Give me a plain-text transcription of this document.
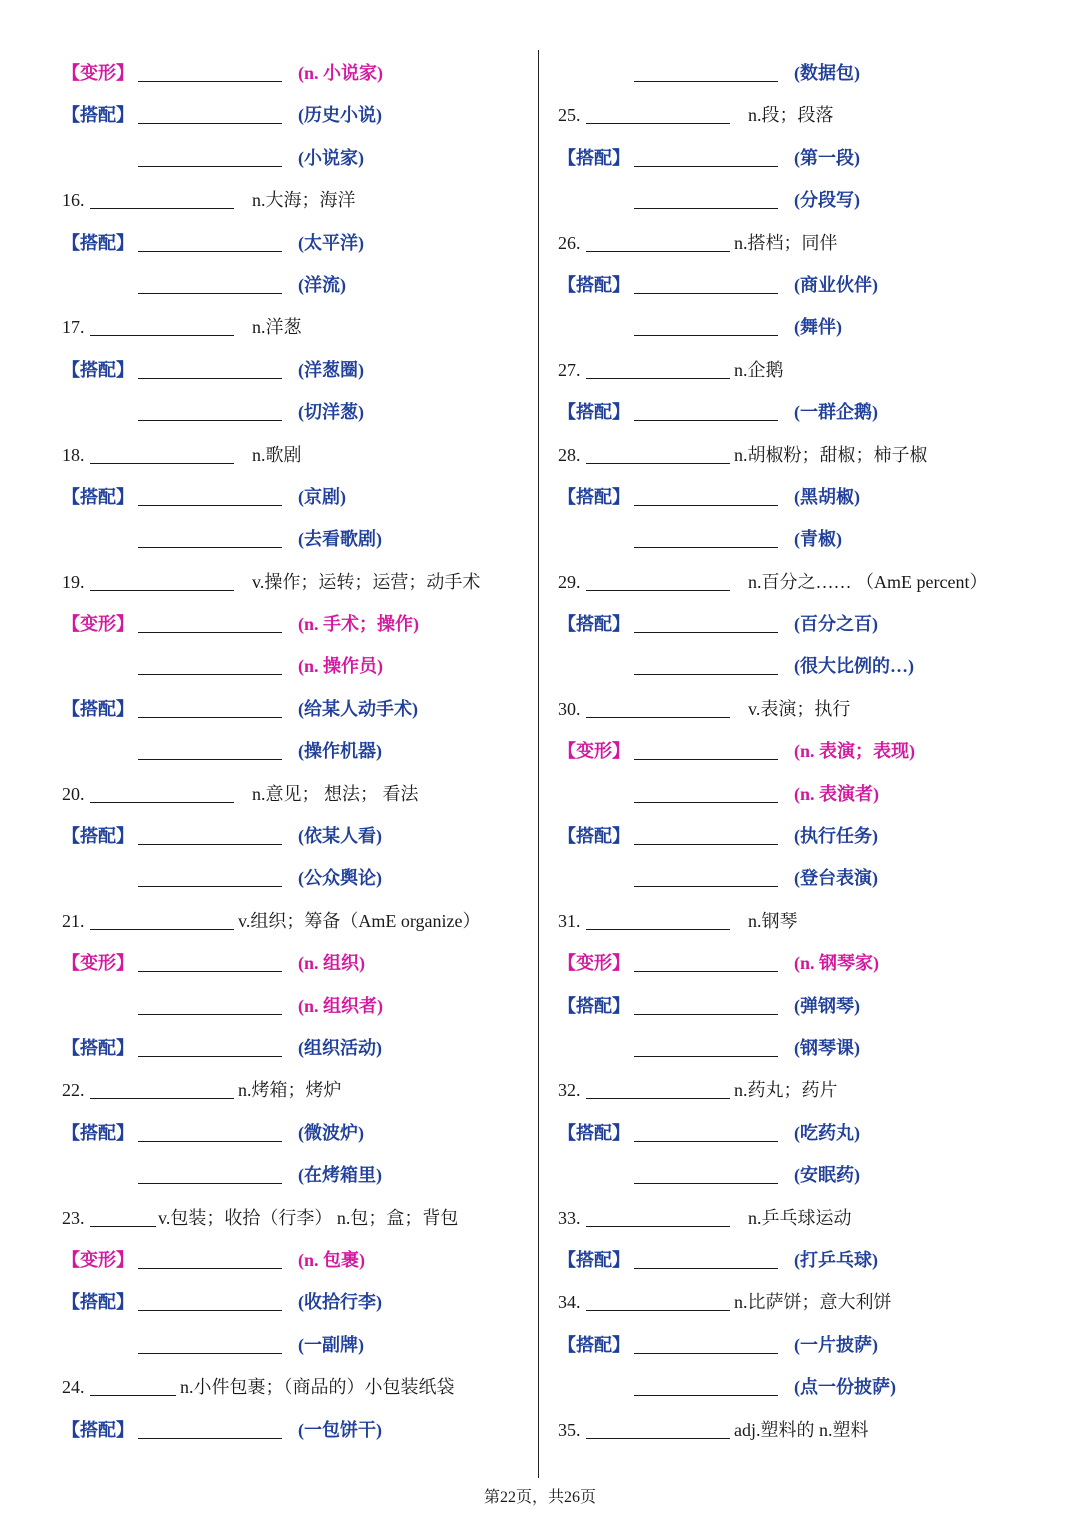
【变形】	(n. 小说家)
【搭配】	(历史小说)
(小说家)
16.	n.大海；海洋
【搭配】	(太平洋)
(洋流)
17.	n.洋葱
【搭配】	(洋葱圈)
(切洋葱)
18.	n.歌剧
【搭配】	(京剧)
(去看歌剧)
19.	v.操作；运转；运营；动手术
【变形】	(n. 手术；操作)
(n. 操作员)
【搭配】	(给某人动手术)
(操作机器)
20.	n.意见； 想法； 看法
【搭配】	(依某人看)
(公众舆论)
21.	v.组织；筹备（AmE organize）
【变形】	(n. 组织)
(n. 组织者)
【搭配】	(组织活动)
22.	n.烤箱；烤炉
【搭配】	(微波炉)
(在烤箱里)
23.	v.包装；收拾（行李） n.包；盒；背包
【变形】	(n. 包裹)
【搭配】	(收拾行李)
(一副牌)
24.	n.小件包裹；（商品的）小包装纸袋
【搭配】	(一包饼干)
(数据包)
25.	n.段；段落
【搭配】	(第一段)
(分段写)
26.	n.搭档；同伴
【搭配】	(商业伙伴)
(舞伴)
27.	n.企鹅
【搭配】	(一群企鹅)
28.	n.胡椒粉；甜椒；柿子椒
【搭配】	(黑胡椒)
(青椒)
29.	n.百分之…… （AmE percent）
【搭配】	(百分之百)
(很大比例的…)
30.	v.表演；执行
【变形】	(n. 表演；表现)
(n. 表演者)
【搭配】	(执行任务)
(登台表演)
31.	n.钢琴
【变形】	(n. 钢琴家)
【搭配】	(弹钢琴)
(钢琴课)
32.	n.药丸；药片
【搭配】	(吃药丸)
(安眠药)
33.	n.乒乓球运动
【搭配】	(打乒乓球)
34.	n.比萨饼；意大利饼
【搭配】	(一片披萨)
(点一份披萨)
35.	adj.塑料的 n.塑料
第22页，共26页
